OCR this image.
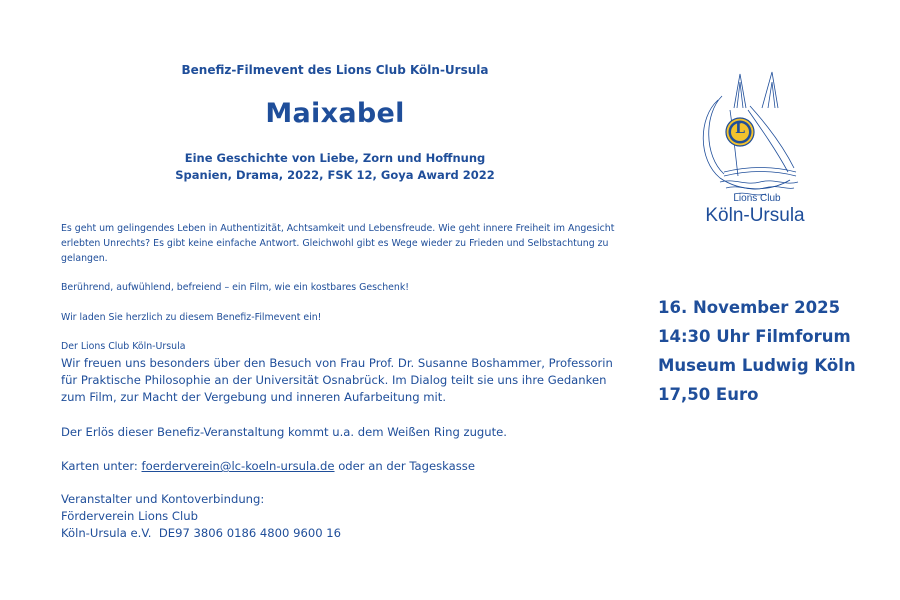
Benefiz-Filmevent des Lions Club Köln-Ursula
Maixabel
Eine Geschichte von Liebe, Zorn und Hoffnung
Spanien, Drama, 2022, FSK 12, Goya Award 2022
Es geht um gelingendes Leben in Authentizität, Achtsamkeit und Lebensfreude. Wie geht innere Freiheit im Angesicht erlebten Unrechts? Es gibt keine einfache Antwort. Gleichwohl gibt es Wege wieder zu Frieden und Selbstachtung zu gelangen.
Berührend, aufwühlend, befreiend – ein Film, wie ein kostbares Geschenk!
Wir laden Sie herzlich zu diesem Benefiz-Filmevent ein!
Der Lions Club Köln-Ursula
Wir freuen uns besonders über den Besuch von Frau Prof. Dr. Susanne Boshammer, Professorin für Praktische Philosophie an der Universität Osnabrück. Im Dialog teilt sie uns ihre Gedanken zum Film, zur Macht der Vergebung und inneren Aufarbeitung mit.
Der Erlös dieser Benefiz-Veranstaltung kommt u.a. dem Weißen Ring zugute.
Karten unter: foerderverein@lc-koeln-ursula.de oder an der Tageskasse
Veranstalter und Kontoverbindung:
Förderverein Lions Club
Köln-Ursula e.V.  DE97 3806 0186 4800 9600 16
16. November 2025
14:30 Uhr Filmforum
Museum Ludwig Köln
17,50 Euro
L
Lions Club
Köln-Ursula
